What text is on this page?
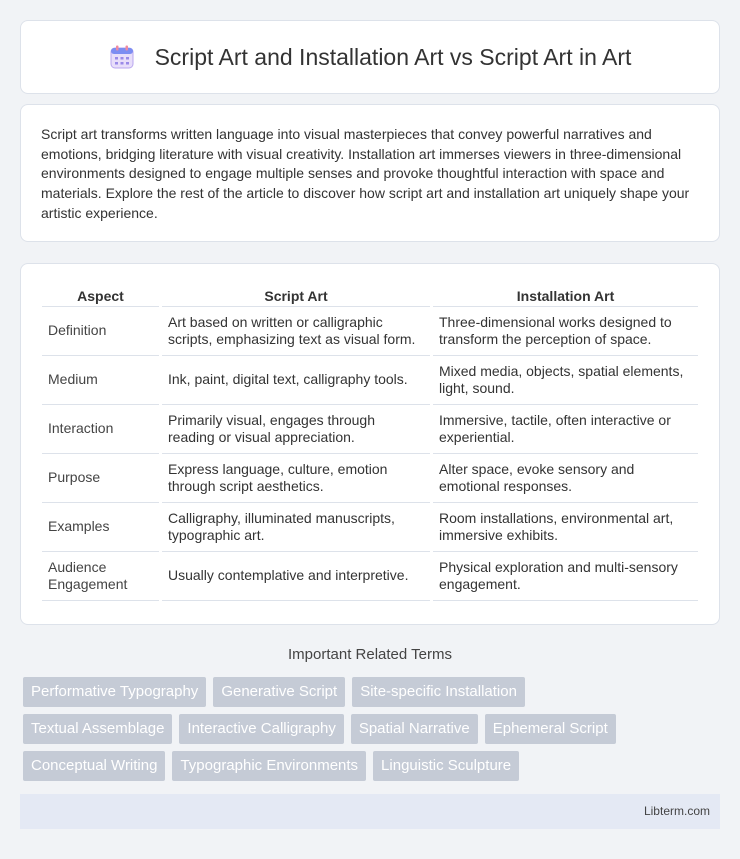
Script Art and Installation Art vs Script Art in Art

Script art transforms written language into visual masterpieces that convey powerful narratives and emotions, bridging literature with visual creativity. Installation art immerses viewers in three-dimensional environments designed to engage multiple senses and provoke thoughtful interaction with space and materials. Explore the rest of the article to discover how script art and installation art uniquely shape your artistic experience.

Aspect	Script Art	Installation Art
Definition	Art based on written or calligraphic scripts, emphasizing text as visual form.	Three-dimensional works designed to transform the perception of space.
Medium	Ink, paint, digital text, calligraphy tools.	Mixed media, objects, spatial elements, light, sound.
Interaction	Primarily visual, engages through reading or visual appreciation.	Immersive, tactile, often interactive or experiential.
Purpose	Express language, culture, emotion through script aesthetics.	Alter space, evoke sensory and emotional responses.
Examples	Calligraphy, illuminated manuscripts, typographic art.	Room installations, environmental art, immersive exhibits.
Audience Engagement	Usually contemplative and interpretive.	Physical exploration and multi-sensory engagement.
Important Related Terms
Performative Typography	Generative Script	Site-specific Installation
Textual Assemblage	Interactive Calligraphy	Spatial Narrative	Ephemeral Script
Conceptual Writing	Typographic Environments	Linguistic Sculpture
Libterm.com
